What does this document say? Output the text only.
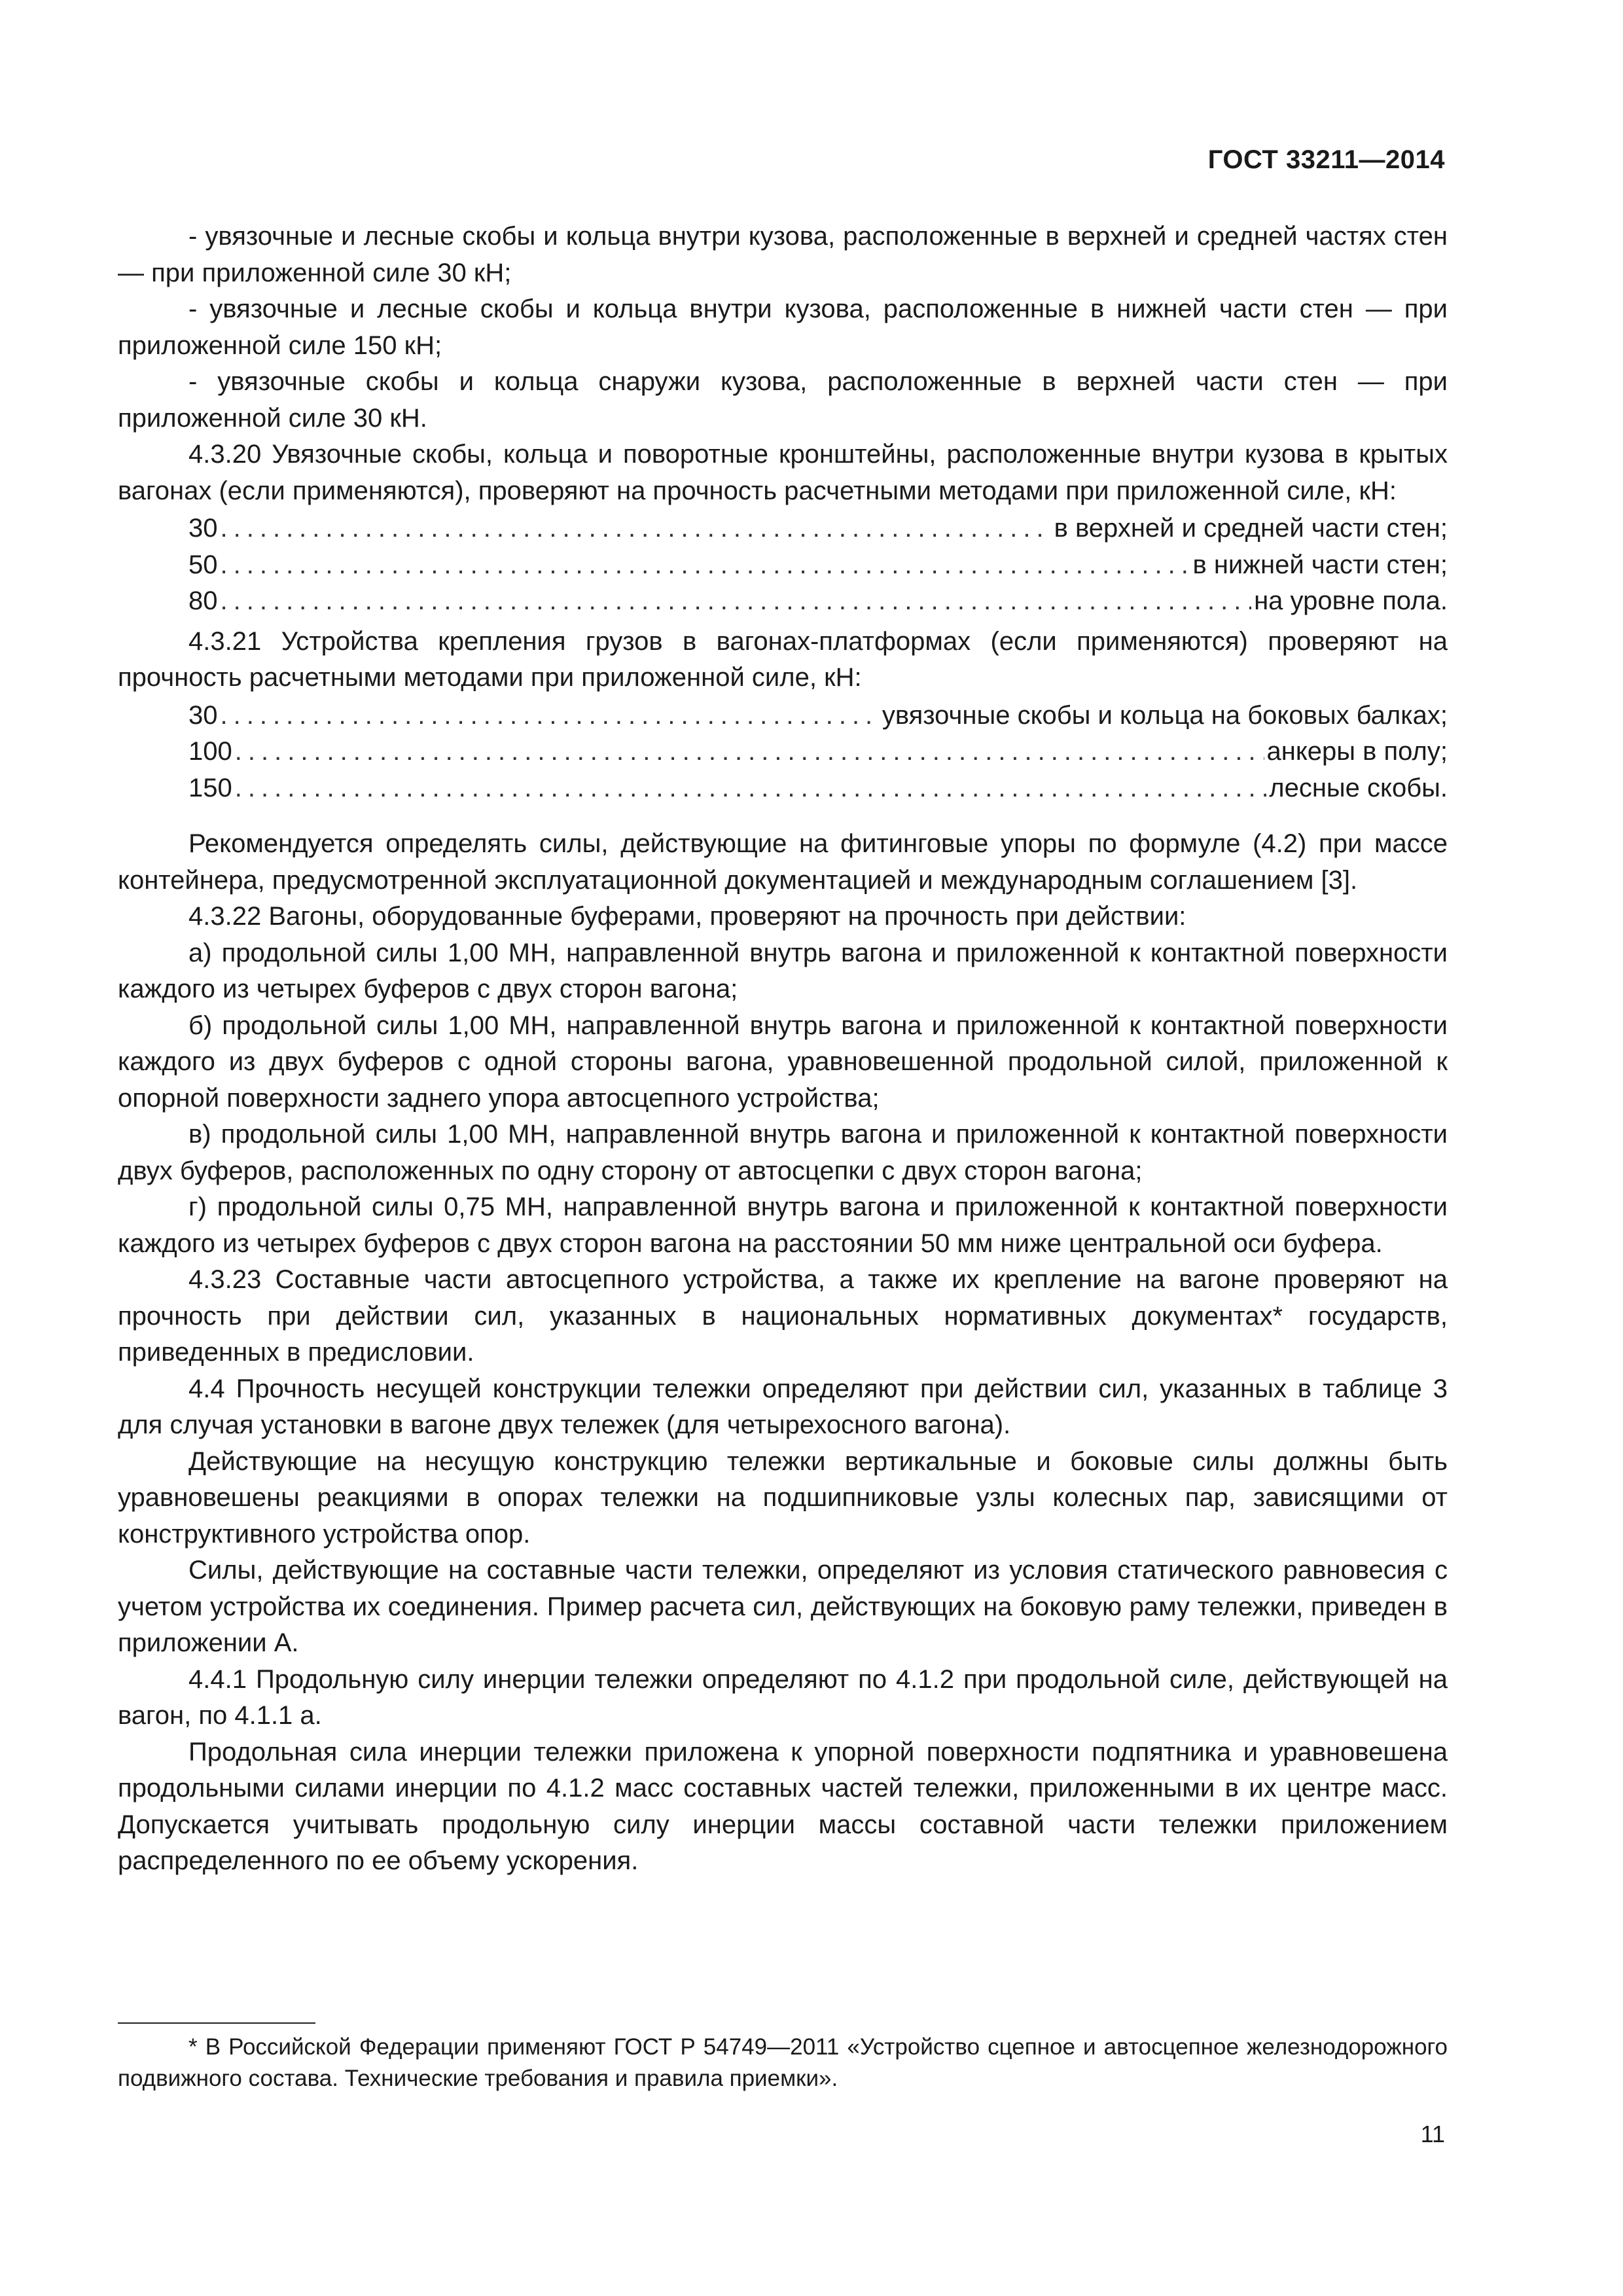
ГОСТ 33211—2014

- увязочные и лесные скобы и кольца внутри кузова, расположенные в верхней и средней частях стен — при приложенной силе 30 кН;

- увязочные и лесные скобы и кольца внутри кузова, расположенные в нижней части стен — при приложенной силе 150 кН;

- увязочные скобы и кольца снаружи кузова, расположенные в верхней части стен — при приложенной силе 30 кН.

4.3.20 Увязочные скобы, кольца и поворотные кронштейны, расположенные внутри кузова в крытых вагонах (если применяются), проверяют на прочность расчетными методами при приложенной силе, кН:

30 .....	в верхней и средней части стен;
50 .....	в нижней части стен;
80 .....	на уровне пола.

4.3.21 Устройства крепления грузов в вагонах-платформах (если применяются) проверяют на прочность расчетными методами при приложенной силе, кН:

30 .....	увязочные скобы и кольца на боковых балках;
100 .....	анкеры в полу;
150 .....	лесные скобы.

Рекомендуется определять силы, действующие на фитинговые упоры по формуле (4.2) при массе контейнера, предусмотренной эксплуатационной документацией и международным соглашением [3].

4.3.22 Вагоны, оборудованные буферами, проверяют на прочность при действии:

а) продольной силы 1,00 МН, направленной внутрь вагона и приложенной к контактной поверхности каждого из четырех буферов с двух сторон вагона;

б) продольной силы 1,00 МН, направленной внутрь вагона и приложенной к контактной поверхности каждого из двух буферов с одной стороны вагона, уравновешенной продольной силой, приложенной к опорной поверхности заднего упора автосцепного устройства;

в) продольной силы 1,00 МН, направленной внутрь вагона и приложенной к контактной поверхности двух буферов, расположенных по одну сторону от автосцепки с двух сторон вагона;

г) продольной силы 0,75 МН, направленной внутрь вагона и приложенной к контактной поверхности каждого из четырех буферов с двух сторон вагона на расстоянии 50 мм ниже центральной оси буфера.

4.3.23 Составные части автосцепного устройства, а также их крепление на вагоне проверяют на прочность при действии сил, указанных в национальных нормативных документах* государств, приведенных в предисловии.

4.4 Прочность несущей конструкции тележки определяют при действии сил, указанных в таблице 3 для случая установки в вагоне двух тележек (для четырехосного вагона).

Действующие на несущую конструкцию тележки вертикальные и боковые силы должны быть уравновешены реакциями в опорах тележки на подшипниковые узлы колесных пар, зависящими от конструктивного устройства опор.

Силы, действующие на составные части тележки, определяют из условия статического равновесия с учетом устройства их соединения. Пример расчета сил, действующих на боковую раму тележки, приведен в приложении А.

4.4.1 Продольную силу инерции тележки определяют по 4.1.2 при продольной силе, действующей на вагон, по 4.1.1 а.

Продольная сила инерции тележки приложена к упорной поверхности подпятника и уравновешена продольными силами инерции по 4.1.2 масс составных частей тележки, приложенными в их центре масс. Допускается учитывать продольную силу инерции массы составной части тележки приложением распределенного по ее объему ускорения.

* В Российской Федерации применяют ГОСТ Р 54749—2011 «Устройство сцепное и автосцепное железнодорожного подвижного состава. Технические требования и правила приемки».
11
